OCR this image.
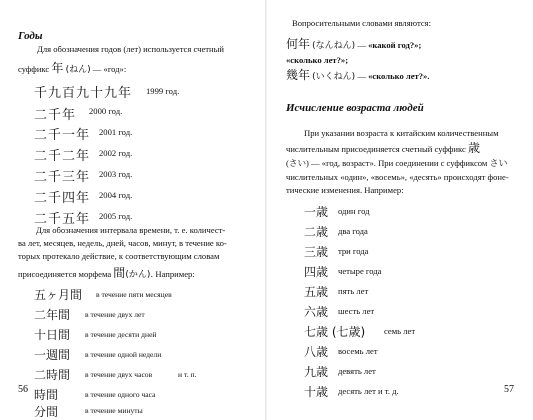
Годы
Для обозначения годов (лет) используется счетный
суффикс 年 (ねん) — «год»:
千九百九十九年 1999 год.
二千年 2000 год.
二千一年 2001 год.
二千二年 2002 год.
二千三年 2003 год.
二千四年 2004 год.
二千五年 2005 год.
Для обозначения интервала времени, т. е. количест-
ва лет, месяцев, недель, дней, часов, минут, в течение ко-
торых протекало действие, к соответствующим словам
присоединяется морфема 間(かん). Например:
五ヶ月間 в течение пяти месяцев
二年間 в течение двух лет
十日間 в течение десяти дней
一週間 в течение одной недели
二時間 в течение двух часов	и т. п.
時間	в течение одного часа
分間	в течение минуты
56
Вопросительными словами являются:
何年 (なんねん) — «какой год?»;
«сколько лет?»;
幾年 (いくねん) — «сколько лет?».
Исчисление возраста людей
При указании возраста к китайским количественным
числительным присоединяется счетный суффикс 歳
(さい) — «год, возраст». При соединении с суффиксом さい
числительных «один», «восемь», «десять» происходят фоне-
тические изменения. Например:
一歳 один год
二歳 два года
三歳 три года
四歳 четыре года
五歳 пять лет
六歳 шесть лет
七歳 (七歳) семь лет
八歳 восемь лет
九歳 девять лет
十歳 десять лет и т. д.	57
